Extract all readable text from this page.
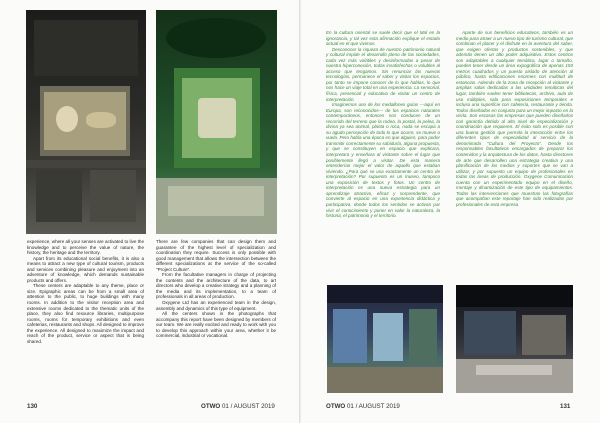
experience, where all your senses are activated to live the knowledge and to perceive the value of nature, the history, the heritage and the territory.

Apart from its educational social benefits, it is also a means to attract a new type of cultural tourism, products and services combining pleasure and enjoyment into an adventure of knowledge, which demands sustainable products and offers.

These centers are adaptable to any theme, place or size. Epigraphic areas can be from a small area of attention to the public, to huge buildings with many rooms. In addition to the visitor reception area and extensive rooms dedicated to the thematic units of the place, they also find resource libraries, multipurpose rooms, rooms for temporary exhibitions and even cafeterias, restaurants and shops. All designed to improve the experience. All designed to maximize the impact and reach of the product, service or aspect that is being shared.

There are few companies that can design them and guarantee of the highest level of specialization and coordination they require. Success is only possible with good management that allows the intersection between the different specializations at the service of the so-called "Project Culture".

From the facultative managers in charge of projecting the contents and the architecture of the data, to art directors who develop a creative strategy and a planning of the media and its implementation, to a team of professionals in all areas of production.

Oxygene Ltd has an experienced team in the design, assembly and dynamics of this type of equipment.

All the centers shown in the photographs that accompany this report have been designed by members of our team. We are really excited and ready to work with you to develop this approach within your area, whether it be commercial, industrial or vocational.

En la cultura oriental se suele decir que el Mal en la ignorancia, y tal vez esta afirmación explique el estado actual en el que vivimos.

Desconocer la riqueza de nuestro patrimonio natural y cultural impide el desarrollo pleno de las sociedades, cada vez más volátiles y desinformadas a pesar de nuestra hiperconexión, todas insatisfechas o volubles al acceso que tengamos. Sin renunciar las nuevas tecnologías, permanece el saber y visitar los espacios, por tanto se impone conocer de lo que hablas, lo que nos hace un viaje total en una experiencia. La sensorial, física, presencial y educativa de visitar un centro de interpretación.

Imaginemos uno de los medallones guías —aquí en Europa, son reconocidos— de los espacios naturales contemporáneos, entonces nos conducen de un recorrido del terreno que la rodea, la postal, la pelea, la divina ya sea animal, planta o roca, nada se escapa a su agudo percepción de todo lo que ocurre, se mueve o vuela. Pero habla una época en que alguien, para poder transmitir correctamente su sabiduría, alguna propuesta, y que se constituyen en espacio que explicara, interpretara y enseñara al visitante sobre el lugar que posiblemente llegó a visitar. De esta manera entenderían mejor el valor de aquello que estaban viviendo. ¿Para qué se usa exactamente un centro de interpretación? Por supuesto es un museo, tampoco una exposición de textos y fotos. Un centro de interpretación es una nueva estrategia para un aprendizaje atractivo, eficaz y sorprendente, que convierte al espacio en una experiencia didáctica y participativa, donde todos los sentidos se activan par vivir el conocimiento y poner en valor la naturaleza, la historia, el patrimonio y el territorio.

Aparte de sus beneficios educativos, también es un medio para atraer a un nuevo tipo de turismo cultural, que combinan el placer y el disfrute en la aventura del saber, que exigen ofertas y productos sostenibles, y que además tienen un alto poder adquisitivo. Estos centros son adaptables a cualquier temática, lugar o tamaño, pueden tener desde un área expográfica de apenas 150 metros cuadrados y un puesto aislado de atención al público, hasta edificaciones enormes con multitud de estancias. Además de la zona de recepción al visitante y amplias salas dedicadas a las unidades temáticas del lugar, también suelen tener bibliotecas, archivo, aula de uso múltiples, sala para exposiciones temporales e incluso una superficie con cafetería, restaurante y tienda. Todos diseñados en conjunto para un mejor impacto en la visita. Son escasas las empresas que pueden diseñarlos con garantía debido al alto nivel de especialización y coordinación que requieren. El éxito solo es posible con una buena gestión que permita la interacción entre los diferentes tipos de especialidad al servicio de la denominada "Cultura del Proyecto". Desde los responsables facultativos encargados de preparar los contenidos y la arquitectura de los datos, hasta directores de arte que desarrollen una estrategia creativa y una planificación de los medios y soportes que se van a utilizar, y por supuesto un equipo de profesionales en todas las áreas de producción. Oxygene Comunicación cuenta con un experimentado equipo en el diseño, montaje y dinamización de este tipo de equipamientos. Todas las intervenciones que muestran las fotografías que acompañan este reportaje han sido realizadas por profesionales de esta empresa.

130	OTWO 01 / AUGUST 2019	OTWO 01 / AUGUST 2019	131
